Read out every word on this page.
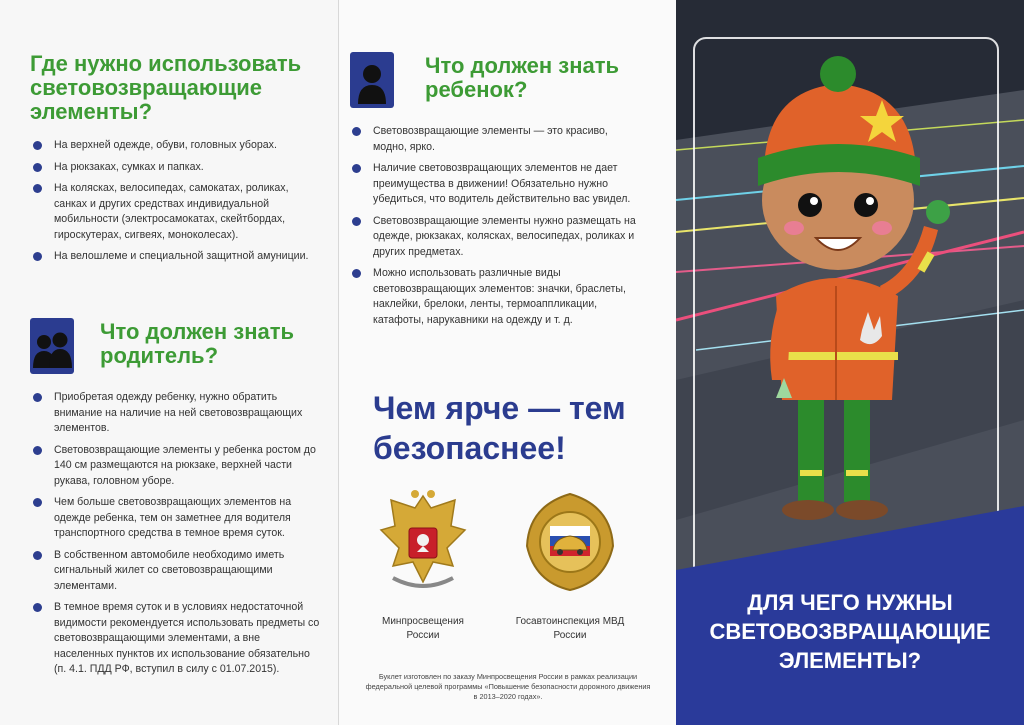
Где нужно использовать световозвращающие элементы?
На верхней одежде, обуви, головных уборах.
На рюкзаках, сумках и папках.
На колясках, велосипедах, самокатах, роликах, санках и других средствах индивидуальной мобильности (электросамокатах, скейтбордах, гироскутерах, сигвеях, моноколесах).
На велошлеме и специальной защитной амуниции.
Что должен знать родитель?
Приобретая одежду ребенку, нужно обратить внимание на наличие на ней световозвращающих элементов.
Световозвращающие элементы у ребенка ростом до 140 см размещаются на рюкзаке, верхней части рукава, головном уборе.
Чем больше световозвращающих элементов на одежде ребенка, тем он заметнее для водителя транспортного средства в темное время суток.
В собственном автомобиле необходимо иметь сигнальный жилет со световозвращающими элементами.
В темное время суток и в условиях недостаточной видимости рекомендуется использовать предметы со световозвращающими элементами, а вне населенных пунктов их использование обязательно (п. 4.1. ПДД РФ, вступил в силу с 01.07.2015).
Что должен знать ребенок?
Световозвращающие элементы — это красиво, модно, ярко.
Наличие световозвращающих элементов не дает преимущества в движении! Обязательно нужно убедиться, что водитель действительно вас увидел.
Световозвращающие элементы нужно размещать на одежде, рюкзаках, колясках, велосипедах, роликах и других предметах.
Можно использовать различные виды световозвращающих элементов: значки, браслеты, наклейки, брелоки, ленты, термоаппликации, катафоты, нарукавники на одежду и т. д.
Чем ярче — тем
безопаснее!
Минпросвещения России
Госавтоинспекция МВД России
Буклет изготовлен по заказу Минпросвещения России в рамках реализации федеральной целевой программы «Повышение безопасности дорожного движения в 2013–2020 годах».
ДЛЯ ЧЕГО НУЖНЫ СВЕТОВОЗВРАЩАЮЩИЕ ЭЛЕМЕНТЫ?
